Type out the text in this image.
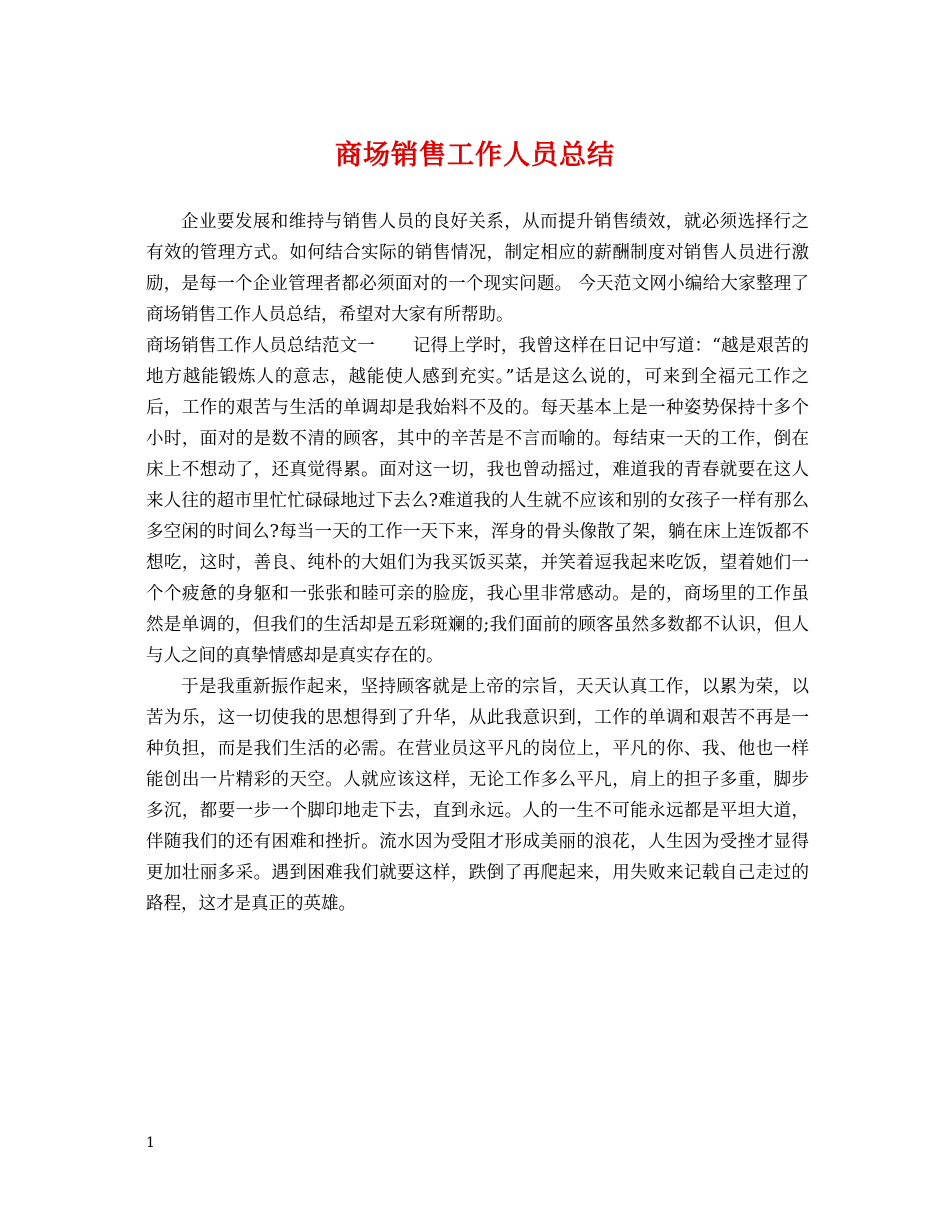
商场销售工作人员总结

企业要发展和维持与销售人员的良好关系，从而提升销售绩效，就必须选择行之有效的管理方式。如何结合实际的销售情况，制定相应的薪酬制度对销售人员进行激励，是每一个企业管理者都必须面对的一个现实问题。 今天范文网小编给大家整理了商场销售工作人员总结，希望对大家有所帮助。

商场销售工作人员总结范文一 记得上学时，我曾这样在日记中写道：“越是艰苦的地方越能锻炼人的意志，越能使人感到充实。”话是这么说的，可来到全福元工作之后，工作的艰苦与生活的单调却是我始料不及的。每天基本上是一种姿势保持十多个小时，面对的是数不清的顾客，其中的辛苦是不言而喻的。每结束一天的工作，倒在床上不想动了，还真觉得累。面对这一切，我也曾动摇过，难道我的青春就要在这人来人往的超市里忙忙碌碌地过下去么?难道我的人生就不应该和别的女孩子一样有那么多空闲的时间么?每当一天的工作一天下来，浑身的骨头像散了架，躺在床上连饭都不想吃，这时，善良、纯朴的大姐们为我买饭买菜，并笑着逗我起来吃饭，望着她们一个个疲惫的身躯和一张张和睦可亲的脸庞，我心里非常感动。是的，商场里的工作虽然是单调的，但我们的生活却是五彩斑斓的;我们面前的顾客虽然多数都不认识，但人与人之间的真挚情感却是真实存在的。

于是我重新振作起来，坚持顾客就是上帝的宗旨，天天认真工作，以累为荣，以苦为乐，这一切使我的思想得到了升华，从此我意识到，工作的单调和艰苦不再是一种负担，而是我们生活的必需。在营业员这平凡的岗位上，平凡的你、我、他也一样能创出一片精彩的天空。人就应该这样，无论工作多么平凡，肩上的担子多重，脚步多沉，都要一步一个脚印地走下去，直到永远。人的一生不可能永远都是平坦大道，伴随我们的还有困难和挫折。流水因为受阻才形成美丽的浪花，人生因为受挫才显得更加壮丽多采。遇到困难我们就要这样，跌倒了再爬起来，用失败来记载自己走过的路程，这才是真正的英雄。

1
